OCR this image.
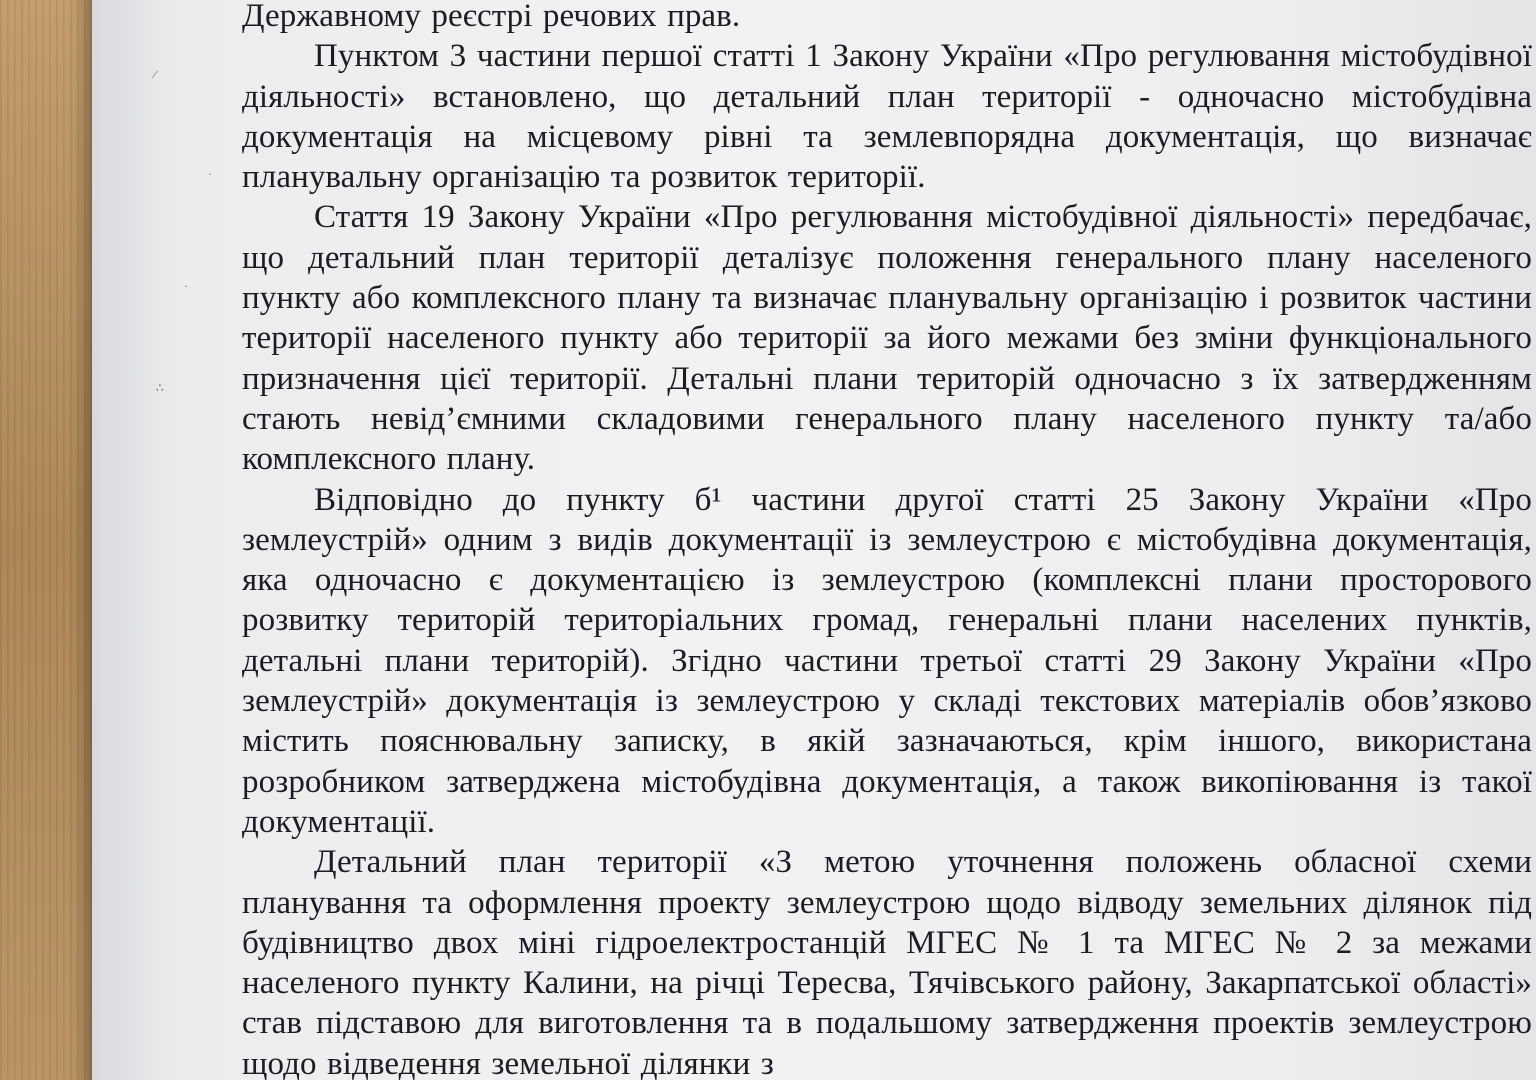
⁄
·
·
∴

Державному реєстрі речових прав.

Пунктом 3 частини першої статті 1 Закону України «Про регулювання містобудівної діяльності» встановлено, що детальний план території - одночасно містобудівна документація на місцевому рівні та землевпорядна документація, що визначає планувальну організацію та розвиток території.

Стаття 19 Закону України «Про регулювання містобудівної діяльності» передбачає, що детальний план території деталізує положення генерального плану населеного пункту або комплексного плану та визначає планувальну організацію і розвиток частини території населеного пункту або території за його межами без зміни функціонального призначення цієї території. Детальні плани територій одночасно з їх затвердженням стають невід’ємними складовими генерального плану населеного пункту та/або комплексного плану.

Відповідно до пункту б¹ частини другої статті 25 Закону України «Про землеустрій» одним з видів документації із землеустрою є містобудівна документація, яка одночасно є документацією із землеустрою (комплексні плани просторового розвитку територій територіальних громад, генеральні плани населених пунктів, детальні плани територій). Згідно частини третьої статті 29 Закону України «Про землеустрій» документація із землеустрою у складі текстових матеріалів обов’язково містить пояснювальну записку, в якій зазначаються, крім іншого, використана розробником затверджена містобудівна документація, а також викопіювання із такої документації.

Детальний план території «З метою уточнення положень обласної схеми планування та оформлення проекту землеустрою щодо відводу земельних ділянок під будівництво двох міні гідроелектростанцій МГЕС № 1 та МГЕС № 2 за межами населеного пункту Калини, на річці Тересва, Тячівського району, Закарпатської області» став підставою для виготовлення та в подальшому затвердження проектів землеустрою щодо відведення земельної ділянки з
